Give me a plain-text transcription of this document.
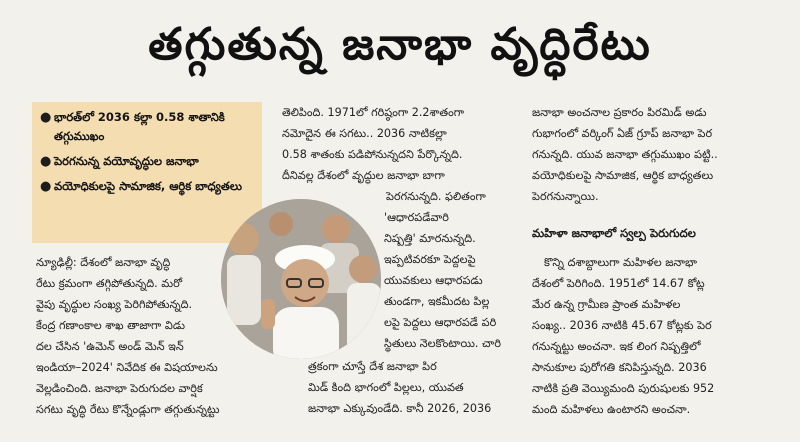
తగ్గుతున్న జనాభా వృద్ధిరేటు
● భారత్‌లో 2036 కల్లా 0.58 శాతానికి తగ్గుముఖం
● పెరగనున్న వయోవృద్ధుల జనాభా
● వయోధికులపై సామాజిక, ఆర్థిక బాధ్యతలు
న్యూఢిల్లీ: దేశంలో జనాభా వృద్ధి
రేటు క్రమంగా తగ్గిపోతున్నది. మరో
వైపు వృద్ధుల సంఖ్య పెరిగిపోతున్నది.
కేంద్ర గణాంకాల శాఖ తాజాగా విడు
దల చేసిన 'ఉమెన్ అండ్ మెన్ ఇన్
ఇండియా–2024' నివేదిక ఈ విషయాలను
వెల్లడించింది. జనాభా పెరుగుదల వార్షిక
సగటు వృద్ధి రేటు కొన్నేండ్లుగా తగ్గుతున్నట్టు
తెలిపింది. 1971లో గరిష్ఠంగా 2.2శాతంగా
నమోదైన ఈ సగటు.. 2036 నాటికల్లా
0.58 శాతంకు పడిపోనున్నదని పేర్కొన్నది.
దీనివల్ల దేశంలో వృద్ధుల జనాభా బాగా
పెరగనున్నది. ఫలితంగా
'ఆధారపడేవారి
నిష్పత్తి' మారనున్నది.
ఇప్పటివరకూ పెద్దలపై
యువకులు ఆధారపడు
తుండగా, ఇకమీదట పిల్ల
లపై పెద్దలు ఆధారపడే పరి
స్థితులు నెలకొంటాయి. చారి
త్రకంగా చూస్తే దేశ జనాభా పిర
మిడ్ కింది భాగంలో పిల్లలు, యువత
జనాభా ఎక్కువుండేది. కానీ 2026, 2036
జనాభా అంచనాల ప్రకారం పిరమిడ్ అడు
గుభాగంలో వర్కింగ్ ఏజ్ గ్రూప్ జనాభా పెర
గనున్నది. యువ జనాభా తగ్గుముఖం పట్టి..
వయోధికులపై సామాజిక, ఆర్థిక బాధ్యతలు
పెరగనున్నాయి.
మహిళా జనాభాలో స్వల్ప పెరుగుదల
కొన్ని దశాబ్దాలుగా మహిళల జనాభా
దేశంలో పెరిగింది. 1951లో 14.67 కోట్ల
మేర ఉన్న గ్రామీణ ప్రాంత మహిళల
సంఖ్య.. 2036 నాటికి 45.67 కోట్లకు పెర
గనున్నట్టు అంచనా. ఇక లింగ నిష్పత్తిలో
సానుకూల పురోగతి కనిపిస్తున్నది. 2036
నాటికి ప్రతి వెయ్యిమంది పురుషులకు 952
మంది మహిళలు ఉంటారని అంచనా.
